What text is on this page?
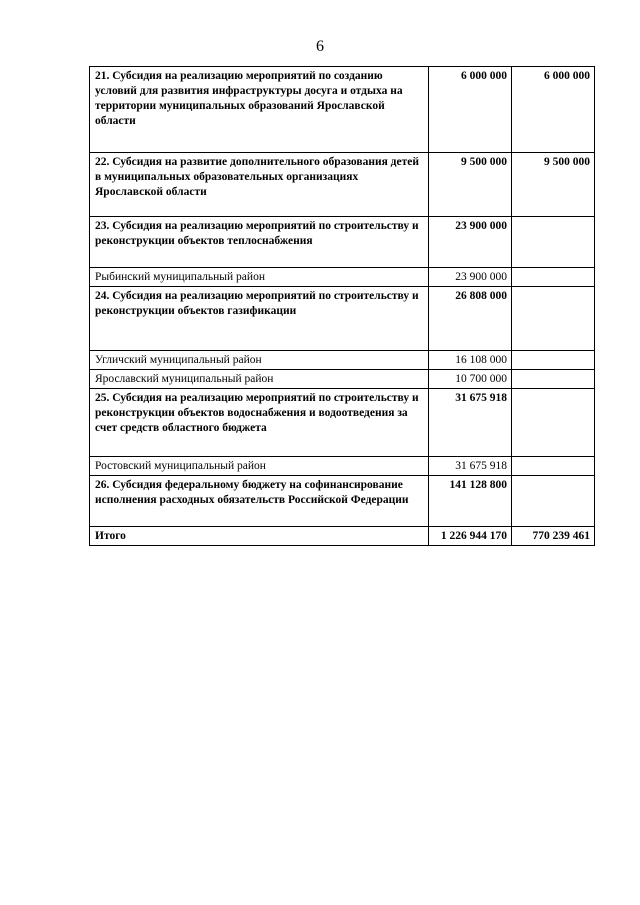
6
21. Субсидия на реализацию мероприятий по созданию условий для развития инфраструктуры досуга и отдыха на территории муниципальных образований Ярославской области	6 000 000	6 000 000
22. Субсидия на развитие дополнительного образования детей в муниципальных образовательных организациях Ярославской области	9 500 000	9 500 000
23. Субсидия на реализацию мероприятий по строительству и реконструкции объектов теплоснабжения	23 900 000	
Рыбинский муниципальный район	23 900 000	
24. Субсидия на реализацию мероприятий по строительству и реконструкции объектов газификации	26 808 000	
Угличский муниципальный район	16 108 000	
Ярославский муниципальный район	10 700 000	
25. Субсидия на реализацию мероприятий по строительству и реконструкции объектов водоснабжения и водоотведения за счет средств областного бюджета	31 675 918	
Ростовский муниципальный район	31 675 918	
26. Субсидия федеральному бюджету на софинансирование исполнения расходных обязательств Российской Федерации	141 128 800	
Итого	1 226 944 170	770 239 461
